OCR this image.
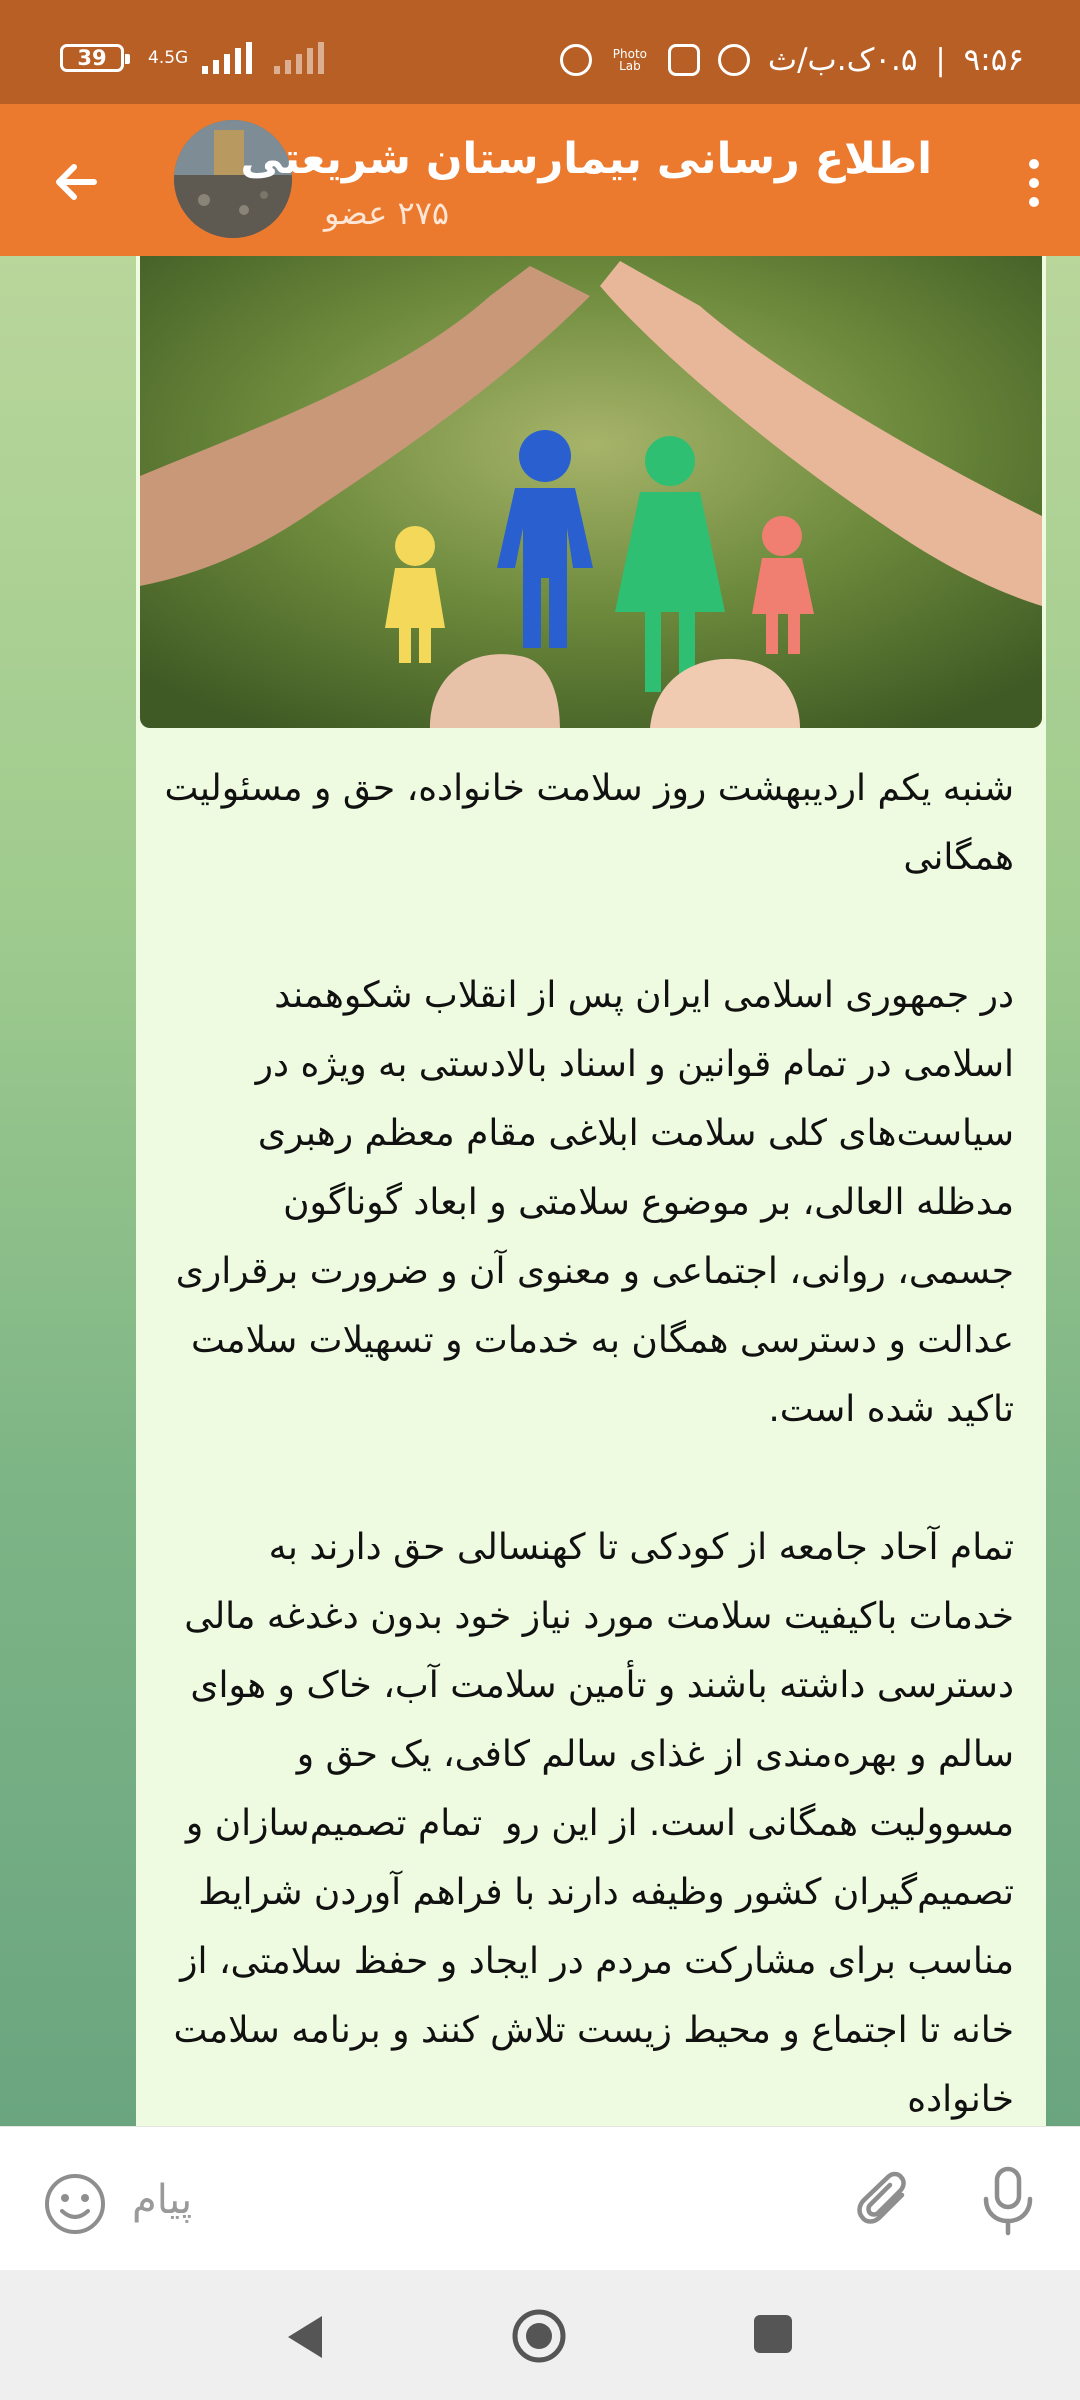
39 4.5G	۹:۵۶
|
۰.۵ک.ب/ث
Photo
Lab
اطلاع رسانی بیمارستان شریعتی
۲۷۵ عضو
شنبه یکم اردیبهشت روز سلامت خانواده، حق و مسئولیت همگانی

در جمهوری اسلامی ایران پس از انقلاب شکوهمند اسلامی در تمام قوانین و اسناد بالادستی به ویژه در سیاست‌های کلی سلامت ابلاغی مقام معظم رهبری مدظله العالی، بر موضوع سلامتی و ابعاد گوناگون جسمی، روانی، اجتماعی و معنوی آن و ضرورت برقراری عدالت و دسترسی همگان به خدمات و تسهیلات سلامت تاکید شده است.

تمام آحاد جامعه از کودکی تا کهنسالی حق دارند به خدمات باکیفیت سلامت مورد نیاز خود بدون دغدغه مالی دسترسی داشته باشند و تأمین سلامت آب، خاک و هوای سالم و بهره‌مندی از غذای سالم کافی، یک حق و مسوولیت همگانی است. از این رو  تمام تصمیم‌سازان و تصمیم‌گیران کشور وظیفه دارند با فراهم آوردن شرایط مناسب برای مشارکت مردم در ایجاد و حفظ سلامتی، از خانه تا اجتماع و محیط زیست تلاش کنند و برنامه سلامت خانواده
پیام
